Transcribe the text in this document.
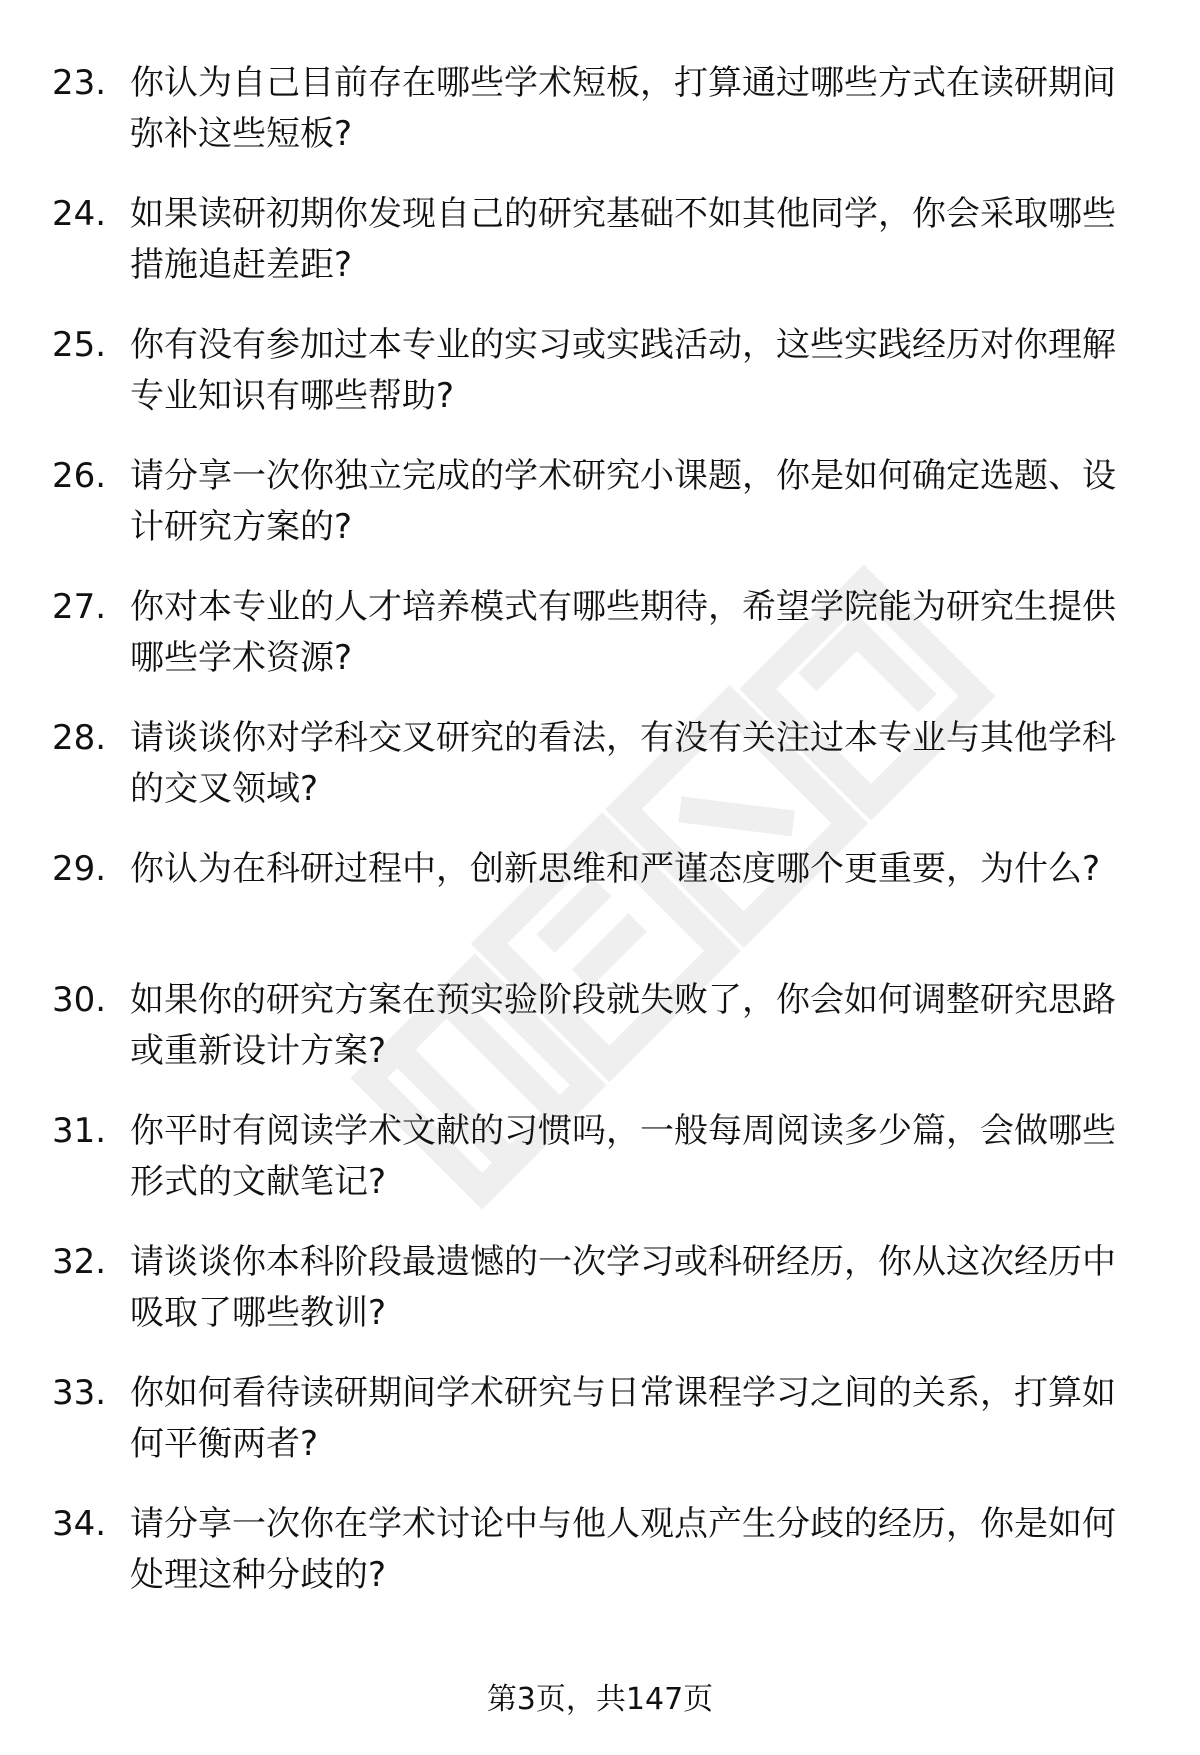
23. 你认为自己目前存在哪些学术短板，打算通过哪些方式在读研期间弥补这些短板?
24. 如果读研初期你发现自己的研究基础不如其他同学，你会采取哪些措施追赶差距?
25. 你有没有参加过本专业的实习或实践活动，这些实践经历对你理解专业知识有哪些帮助?
26. 请分享一次你独立完成的学术研究小课题，你是如何确定选题、设计研究方案的?
27. 你对本专业的人才培养模式有哪些期待，希望学院能为研究生提供哪些学术资源?
28. 请谈谈你对学科交叉研究的看法，有没有关注过本专业与其他学科的交叉领域?
29. 你认为在科研过程中，创新思维和严谨态度哪个更重要，为什么?
30. 如果你的研究方案在预实验阶段就失败了，你会如何调整研究思路或重新设计方案?
31. 你平时有阅读学术文献的习惯吗，一般每周阅读多少篇，会做哪些形式的文献笔记?
32. 请谈谈你本科阶段最遗憾的一次学习或科研经历，你从这次经历中吸取了哪些教训?
33. 你如何看待读研期间学术研究与日常课程学习之间的关系，打算如何平衡两者?
34. 请分享一次你在学术讨论中与他人观点产生分歧的经历，你是如何处理这种分歧的?
第3页，共147页
